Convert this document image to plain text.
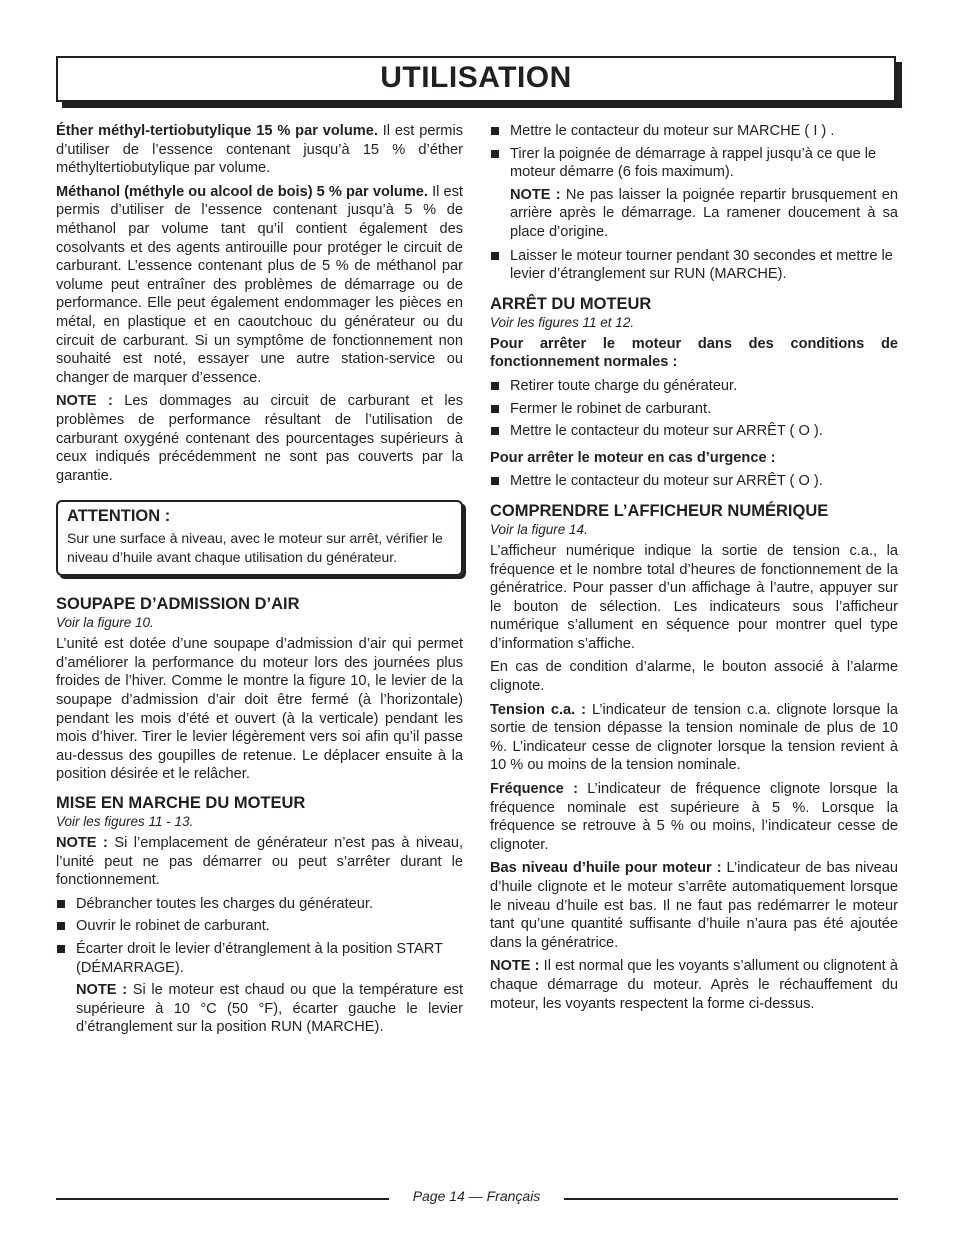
UTILISATION

Éther méthyl-tertiobutylique 15 % par volume. Il est permis d’utiliser de l’essence contenant jusqu’à 15 % d’éther méthyltertiobutylique par volume.

Méthanol (méthyle ou alcool de bois) 5 % par volume. Il est permis d’utiliser de l’essence contenant jusqu’à 5 % de méthanol par volume tant qu’il contient également des cosolvants et des agents antirouille pour protéger le circuit de carburant. L’essence contenant plus de 5 % de méthanol par volume peut entraîner des problèmes de démarrage ou de performance. Elle peut également endommager les pièces en métal, en plastique et en caoutchouc du générateur ou du circuit de carburant. Si un symptôme de fonctionnement non souhaité est noté, essayer une autre station-service ou changer de marquer d’essence.

NOTE : Les dommages au circuit de carburant et les problèmes de performance résultant de l’utilisation de carburant oxygéné contenant des pourcentages supérieurs à ceux indiqués précédemment ne sont pas couverts par la garantie.

ATTENTION :

Sur une surface à niveau, avec le moteur sur arrêt, vérifier le niveau d’huile avant chaque utilisation du générateur.

SOUPAPE D’ADMISSION D’AIR
Voir la figure 10.

L’unité est dotée d’une soupape d’admission d’air qui permet d’améliorer la performance du moteur lors des journées plus froides de l’hiver. Comme le montre la figure 10, le levier de la soupape d’admission d’air doit être fermé (à l’horizontale) pendant les mois d’été et ouvert (à la verticale) pendant les mois d’hiver. Tirer le levier légèrement vers soi afin qu’il passe au-dessus des goupilles de retenue. Le déplacer ensuite à la position désirée et le relâcher.

MISE EN MARCHE DU MOTEUR
Voir les figures 11 - 13.

NOTE : Si l’emplacement de générateur n’est pas à niveau, l’unité peut ne pas démarrer ou peut s’arrêter durant le fonctionnement.

Débrancher toutes les charges du générateur.
Ouvrir le robinet de carburant.
Écarter droit le levier d’étranglement à la position START (DÉMARRAGE).

NOTE : Si le moteur est chaud ou que la température est supérieure à 10 °C (50 °F), écarter gauche le levier d’étranglement sur la position RUN (MARCHE).

Mettre le contacteur du moteur sur MARCHE ( I ) .
Tirer la poignée de démarrage à rappel jusqu’à ce que le moteur démarre (6 fois maximum).

NOTE : Ne pas laisser la poignée repartir brusquement en arrière après le démarrage. La ramener doucement à sa place d’origine.

Laisser le moteur tourner pendant 30 secondes et mettre le levier d’étranglement sur RUN (MARCHE).
ARRÊT DU MOTEUR
Voir les figures 11 et 12.

Pour arrêter le moteur dans des conditions de fonctionnement normales :

Retirer toute charge du générateur.
Fermer le robinet de carburant.
Mettre le contacteur du moteur sur ARRÊT ( O ).

Pour arrêter le moteur en cas d’urgence :

Mettre le contacteur du moteur sur ARRÊT ( O ).
COMPRENDRE L’AFFICHEUR NUMÉRIQUE
Voir la figure 14.

L’afficheur numérique indique la sortie de tension c.a., la fréquence et le nombre total d’heures de fonctionnement de la génératrice. Pour passer d’un affichage à l’autre, appuyer sur le bouton de sélection. Les indicateurs sous l’afficheur numérique s’allument en séquence pour montrer quel type d’information s’affiche.

En cas de condition d’alarme, le bouton associé à l’alarme clignote.

Tension c.a. : L’indicateur de tension c.a. clignote lorsque la sortie de tension dépasse la tension nominale de plus de 10 %. L’indicateur cesse de clignoter lorsque la tension revient à 10 % ou moins de la tension nominale.

Fréquence : L’indicateur de fréquence clignote lorsque la fréquence nominale est supérieure à 5 %. Lorsque la fréquence se retrouve à 5 % ou moins, l’indicateur cesse de clignoter.

Bas niveau d’huile pour moteur : L’indicateur de bas niveau d’huile clignote et le moteur s’arrête automatiquement lorsque le niveau d’huile est bas. Il ne faut pas redémarrer le moteur tant qu’une quantité suffisante d’huile n’aura pas été ajoutée dans la génératrice.

NOTE : Il est normal que les voyants s’allument ou clignotent à chaque démarrage du moteur. Après le réchauffement du moteur, les voyants respectent la forme ci-dessus.

Page 14 — Français
